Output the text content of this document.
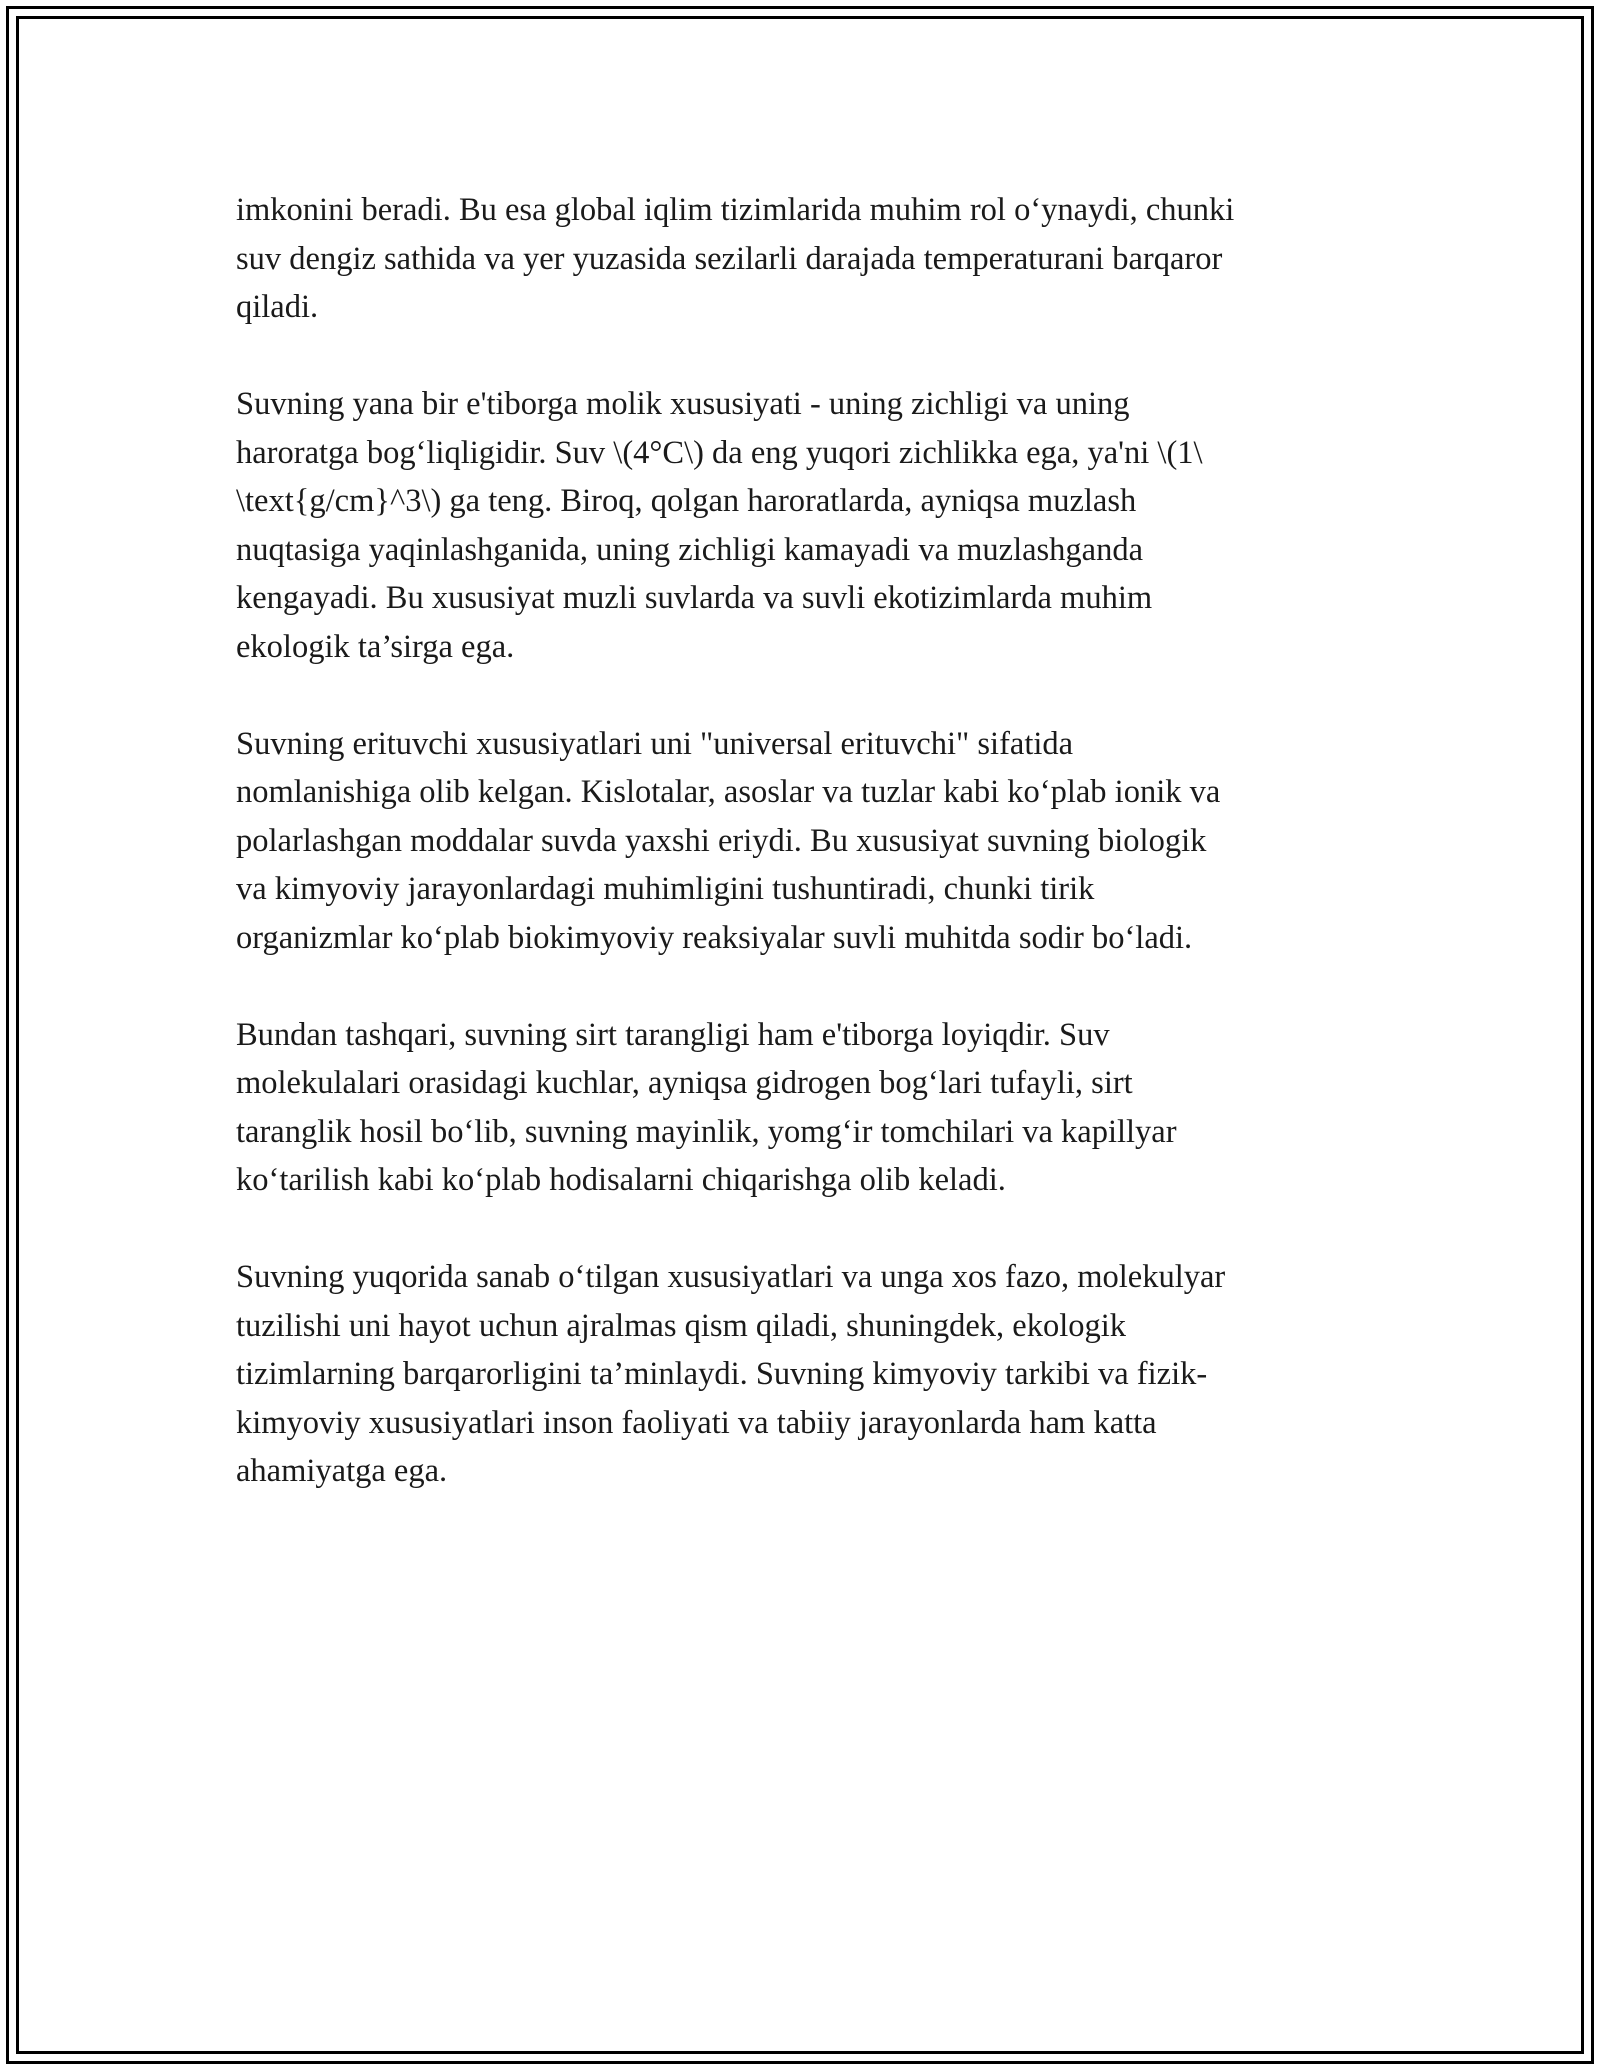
imkonini beradi. Bu esa global iqlim tizimlarida muhim rol o‘ynaydi, chunki
suv dengiz sathida va yer yuzasida sezilarli darajada temperaturani barqaror
qiladi.

Suvning yana bir e'tiborga molik xususiyati - uning zichligi va uning
haroratga bog‘liqligidir. Suv \(4°C\) da eng yuqori zichlikka ega, ya'ni \(1\
\text{g/cm}^3\) ga teng. Biroq, qolgan haroratlarda, ayniqsa muzlash
nuqtasiga yaqinlashganida, uning zichligi kamayadi va muzlashganda
kengayadi. Bu xususiyat muzli suvlarda va suvli ekotizimlarda muhim
ekologik ta’sirga ega.

Suvning erituvchi xususiyatlari uni "universal erituvchi" sifatida
nomlanishiga olib kelgan. Kislotalar, asoslar va tuzlar kabi ko‘plab ionik va
polarlashgan moddalar suvda yaxshi eriydi. Bu xususiyat suvning biologik
va kimyoviy jarayonlardagi muhimligini tushuntiradi, chunki tirik
organizmlar ko‘plab biokimyoviy reaksiyalar suvli muhitda sodir bo‘ladi.

Bundan tashqari, suvning sirt tarangligi ham e'tiborga loyiqdir. Suv
molekulalari orasidagi kuchlar, ayniqsa gidrogen bog‘lari tufayli, sirt
taranglik hosil bo‘lib, suvning mayinlik, yomg‘ir tomchilari va kapillyar
ko‘tarilish kabi ko‘plab hodisalarni chiqarishga olib keladi.

Suvning yuqorida sanab o‘tilgan xususiyatlari va unga xos fazo, molekulyar
tuzilishi uni hayot uchun ajralmas qism qiladi, shuningdek, ekologik
tizimlarning barqarorligini ta’minlaydi. Suvning kimyoviy tarkibi va fizik-
kimyoviy xususiyatlari inson faoliyati va tabiiy jarayonlarda ham katta
ahamiyatga ega.
